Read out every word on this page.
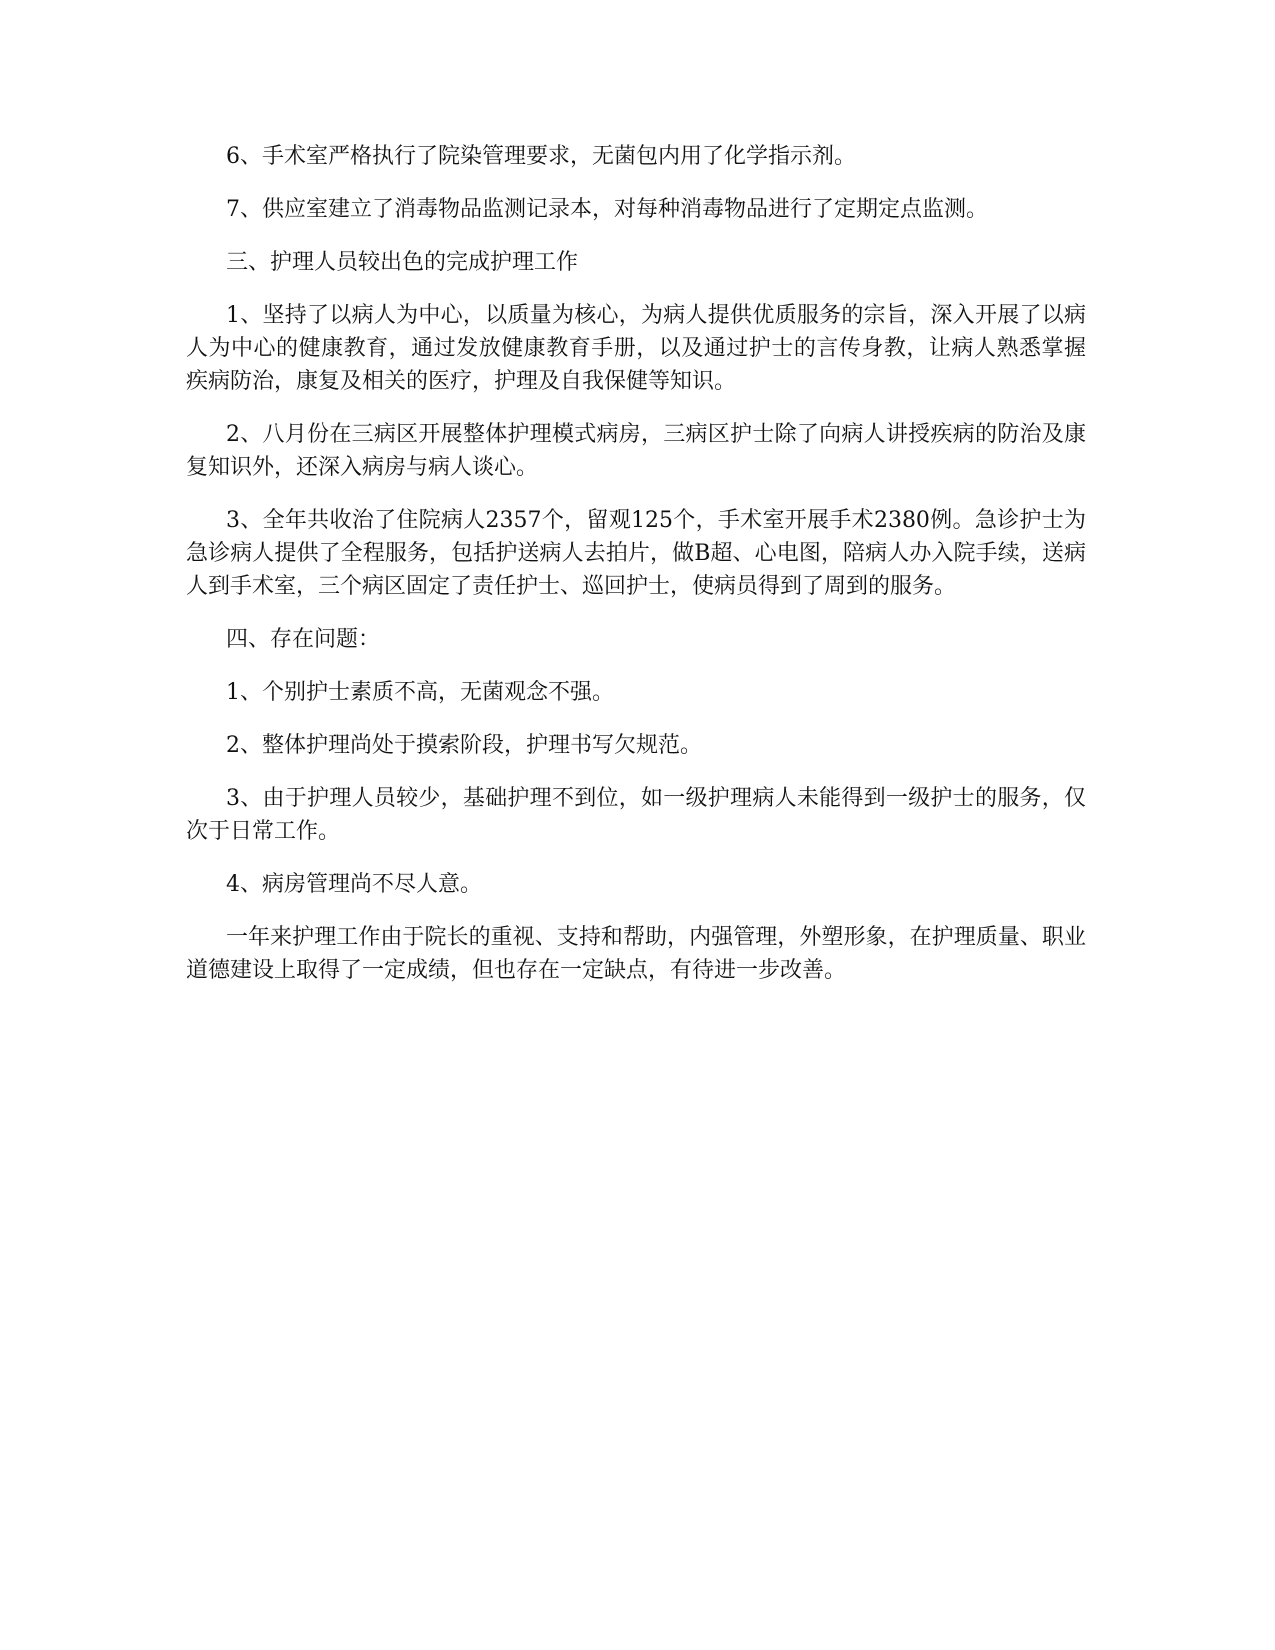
6、手术室严格执行了院染管理要求，无菌包内用了化学指示剂。

7、供应室建立了消毒物品监测记录本，对每种消毒物品进行了定期定点监测。

三、护理人员较出色的完成护理工作

1、坚持了以病人为中心，以质量为核心，为病人提供优质服务的宗旨，深入开展了以病人为中心的健康教育，通过发放健康教育手册，以及通过护士的言传身教，让病人熟悉掌握疾病防治，康复及相关的医疗，护理及自我保健等知识。

2、八月份在三病区开展整体护理模式病房，三病区护士除了向病人讲授疾病的防治及康复知识外，还深入病房与病人谈心。

3、全年共收治了住院病人2357个，留观125个，手术室开展手术2380例。急诊护士为急诊病人提供了全程服务，包括护送病人去拍片，做B超、心电图，陪病人办入院手续，送病人到手术室，三个病区固定了责任护士、巡回护士，使病员得到了周到的服务。

四、存在问题：

1、个别护士素质不高，无菌观念不强。

2、整体护理尚处于摸索阶段，护理书写欠规范。

3、由于护理人员较少，基础护理不到位，如一级护理病人未能得到一级护士的服务，仅次于日常工作。

4、病房管理尚不尽人意。

一年来护理工作由于院长的重视、支持和帮助，内强管理，外塑形象，在护理质量、职业道德建设上取得了一定成绩，但也存在一定缺点，有待进一步改善。
